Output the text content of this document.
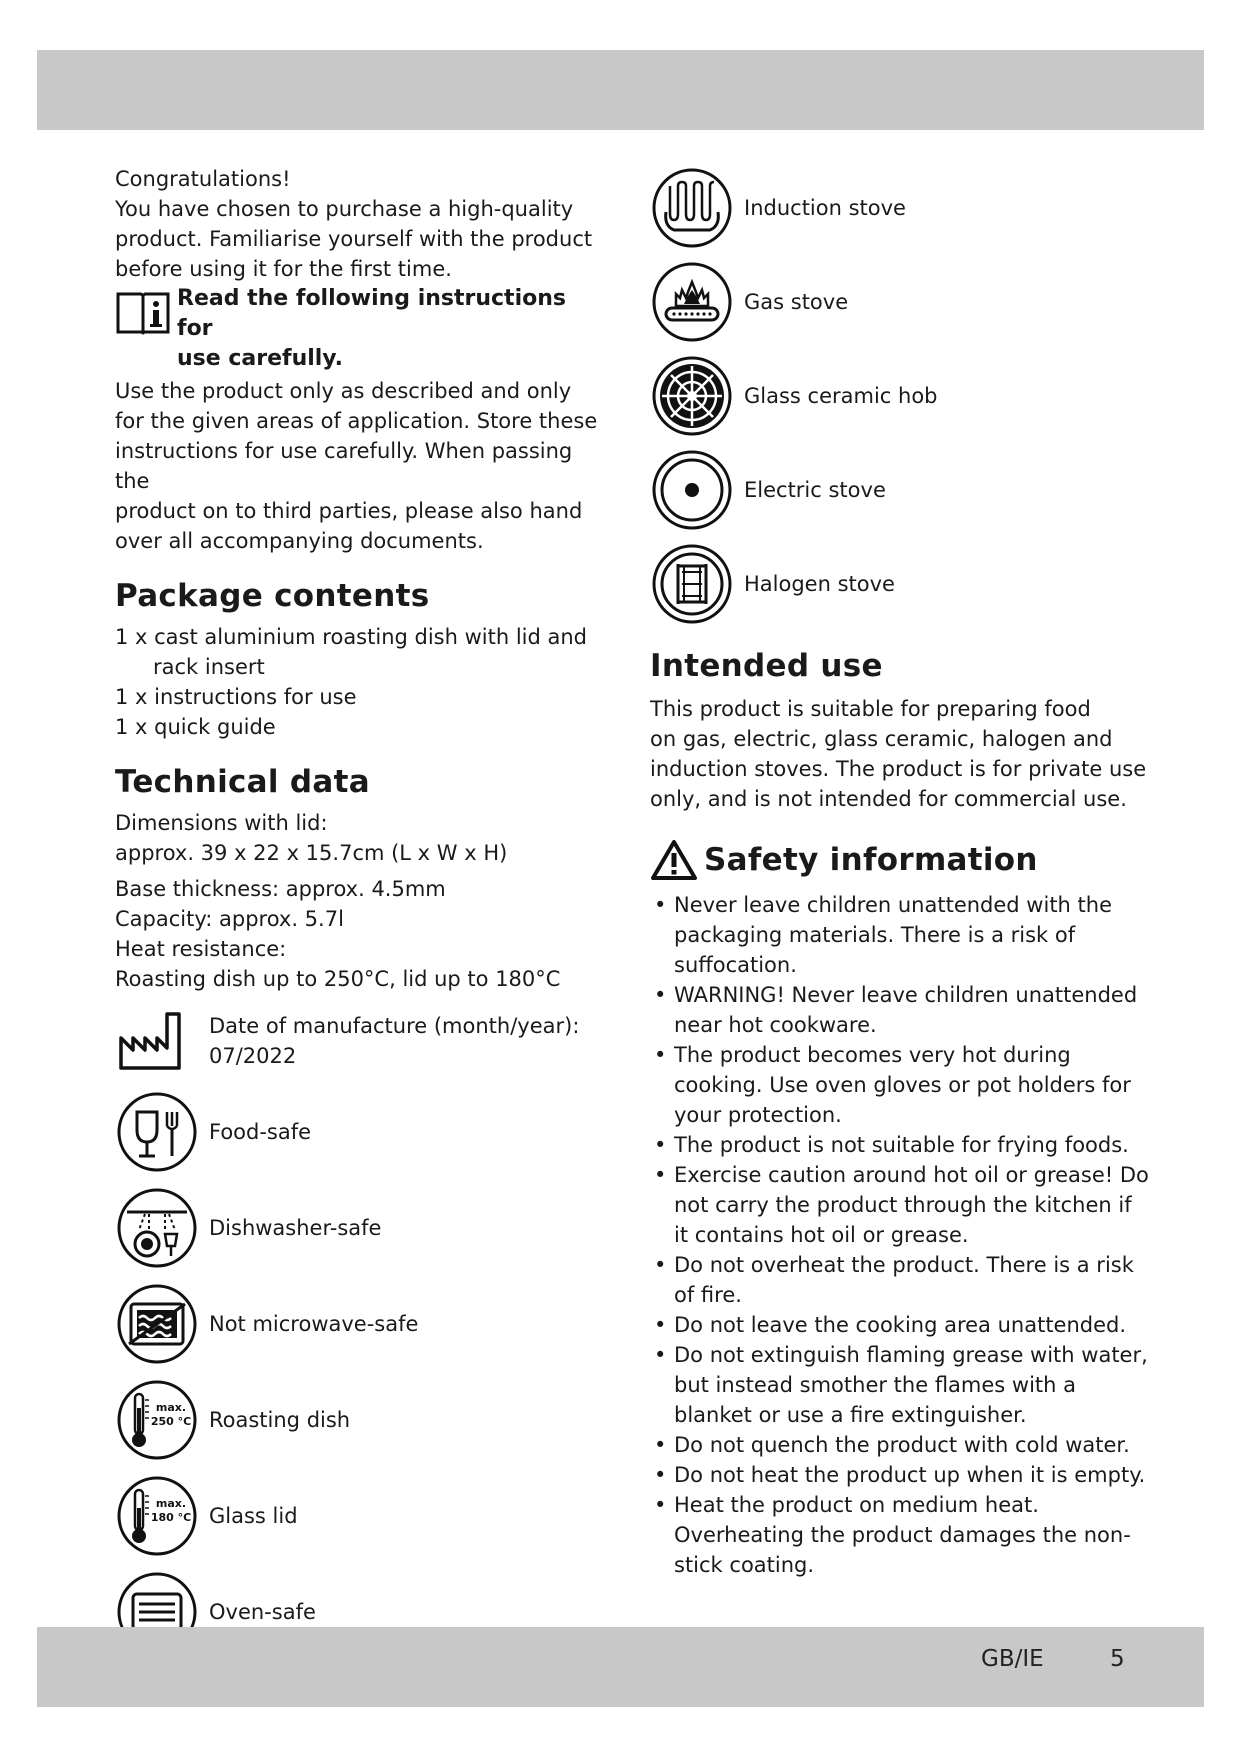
Congratulations!

You have chosen to purchase a high-quality

product. Familiarise yourself with the product

before using it for the first time.

Read the following instructions for
use carefully.

Use the product only as described and only

for the given areas of application. Store these

instructions for use carefully. When passing the

product on to third parties, please also hand

over all accompanying documents.

Package contents

1 x cast aluminium roasting dish with lid and

rack insert

1 x instructions for use

1 x quick guide

Technical data

Dimensions with lid:

approx. 39 x 22 x 15.7cm (L x W x H)

Base thickness: approx. 4.5mm

Capacity: approx. 5.7l

Heat resistance:

Roasting dish up to 250°C, lid up to 180°C

Date of manufacture (month/year):
07/2022
Food-safe
Dishwasher-safe
Not microwave-safe
max.
250 °C Roasting dish
max.
180 °C Glass lid
Oven-safe
Induction stove
Gas stove
Glass ceramic hob
Electric stove
Halogen stove
Intended use

This product is suitable for preparing food

on gas, electric, glass ceramic, halogen and

induction stoves. The product is for private use

only, and is not intended for commercial use.

Safety information
• Never leave children unattended with the packaging materials. There is a risk of suffocation.
• WARNING! Never leave children unattended near hot cookware.
• The product becomes very hot during cooking. Use oven gloves or pot holders for your protection.
• The product is not suitable for frying foods.
• Exercise caution around hot oil or grease! Do not carry the product through the kitchen if it contains hot oil or grease.
• Do not overheat the product. There is a risk of fire.
• Do not leave the cooking area unattended.
• Do not extinguish flaming grease with water, but instead smother the flames with a blanket or use a fire extinguisher.
• Do not quench the product with cold water.
• Do not heat the product up when it is empty.
• Heat the product on medium heat. Overheating the product damages the non-stick coating.
GB/IE	5
